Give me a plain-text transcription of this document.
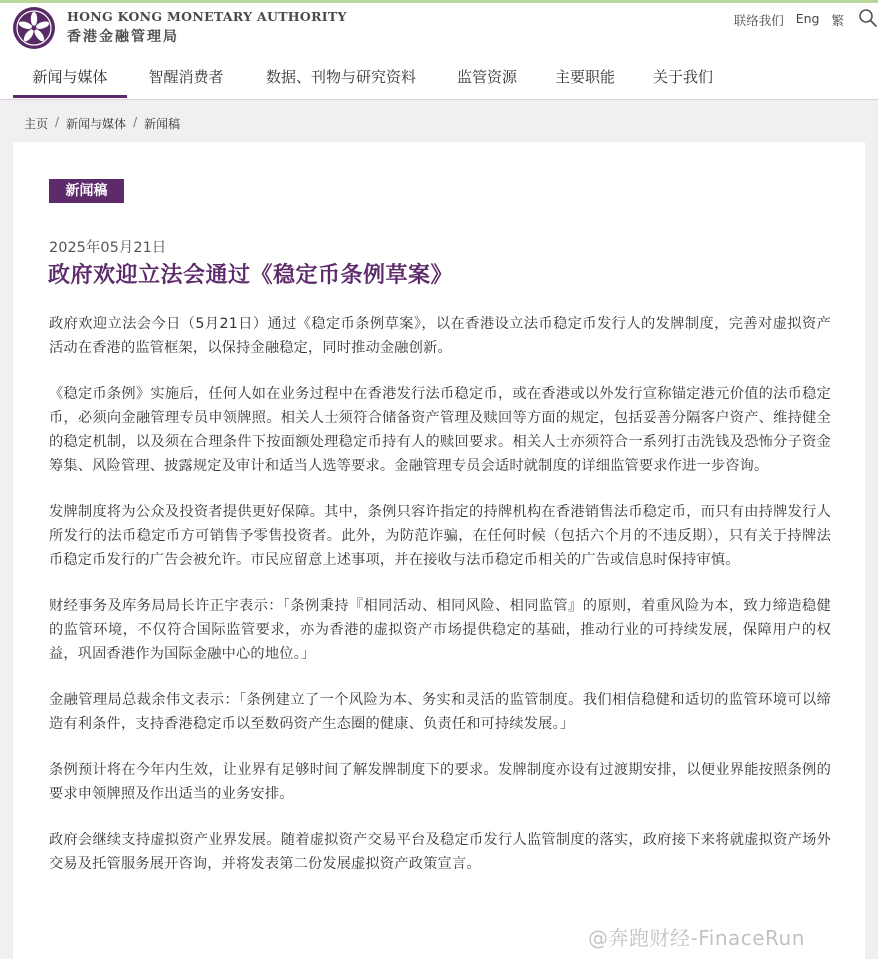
HONG KONG MONETARY AUTHORITY
香港金融管理局
联络我们 Eng 繁
新闻与媒体	智醒消费者	数据、刊物与研究资料	监管资源	主要职能	关于我们
主页 / 新闻与媒体 / 新闻稿
新闻稿
2025年05月21日
政府欢迎立法会通过《稳定币条例草案》

政府欢迎立法会今日（5月21日）通过《稳定币条例草案》，以在香港设立法币稳定币发行人的发牌制度，完善对虚拟资产活动在香港的监管框架，以保持金融稳定，同时推动金融创新。

《稳定币条例》实施后，任何人如在业务过程中在香港发行法币稳定币，或在香港或以外发行宣称锚定港元价值的法币稳定币，必须向金融管理专员申领牌照。相关人士须符合储备资产管理及赎回等方面的规定，包括妥善分隔客户资产、维持健全的稳定机制，以及须在合理条件下按面额处理稳定币持有人的赎回要求。相关人士亦须符合一系列打击洗钱及恐怖分子资金筹集、风险管理、披露规定及审计和适当人选等要求。金融管理专员会适时就制度的详细监管要求作进一步咨询。

发牌制度将为公众及投资者提供更好保障。其中，条例只容许指定的持牌机构在香港销售法币稳定币，而只有由持牌发行人所发行的法币稳定币方可销售予零售投资者。此外，为防范诈骗，在任何时候（包括六个月的不违反期），只有关于持牌法币稳定币发行的广告会被允许。市民应留意上述事项，并在接收与法币稳定币相关的广告或信息时保持审慎。

财经事务及库务局局长许正宇表示：「条例秉持『相同活动、相同风险、相同监管』的原则，着重风险为本，致力缔造稳健的监管环境，不仅符合国际监管要求，亦为香港的虚拟资产市场提供稳定的基础，推动行业的可持续发展，保障用户的权益，巩固香港作为国际金融中心的地位。」

金融管理局总裁余伟文表示：「条例建立了一个风险为本、务实和灵活的监管制度。我们相信稳健和适切的监管环境可以缔造有利条件，支持香港稳定币以至数码资产生态圈的健康、负责任和可持续发展。」

条例预计将在今年内生效，让业界有足够时间了解发牌制度下的要求。发牌制度亦设有过渡期安排，以便业界能按照条例的要求申领牌照及作出适当的业务安排。

政府会继续支持虚拟资产业界发展。随着虚拟资产交易平台及稳定币发行人监管制度的落实，政府接下来将就虚拟资产场外交易及托管服务展开咨询，并将发表第二份发展虚拟资产政策宣言。

@奔跑财经-FinaceRun
